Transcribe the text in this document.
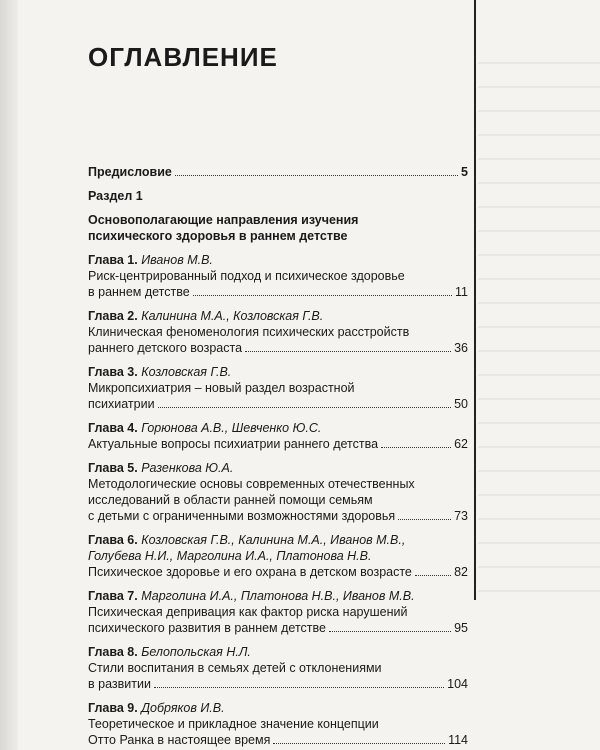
ОГЛАВЛЕНИЕ
Предисловие	5
Раздел 1
Основополагающие направления изучения
психического здоровья в раннем детстве
Глава 1. Иванов М.В.
Риск-центрированный подход и психическое здоровье
в раннем детстве	11
Глава 2. Калинина М.А., Козловская Г.В.
Клиническая феноменология психических расстройств
раннего детского возраста	36
Глава 3. Козловская Г.В.
Микропсихиатрия – новый раздел возрастной
психиатрии	50
Глава 4. Горюнова А.В., Шевченко Ю.С.
Актуальные вопросы психиатрии раннего детства	62
Глава 5. Разенкова Ю.А.
Методологические основы современных отечественных
исследований в области ранней помощи семьям
с детьми с ограниченными возможностями здоровья	73
Глава 6. Козловская Г.В., Калинина М.А., Иванов М.В.,
Голубева Н.И., Марголина И.А., Платонова Н.В.
Психическое здоровье и его охрана в детском возрасте	82
Глава 7. Марголина И.А., Платонова Н.В., Иванов М.В.
Психическая депривация как фактор риска нарушений
психического развития в раннем детстве	95
Глава 8. Белопольская Н.Л.
Стили воспитания в семьях детей с отклонениями
в развитии	104
Глава 9. Добряков И.В.
Теоретическое и прикладное значение концепции
Отто Ранка в настоящее время	114
